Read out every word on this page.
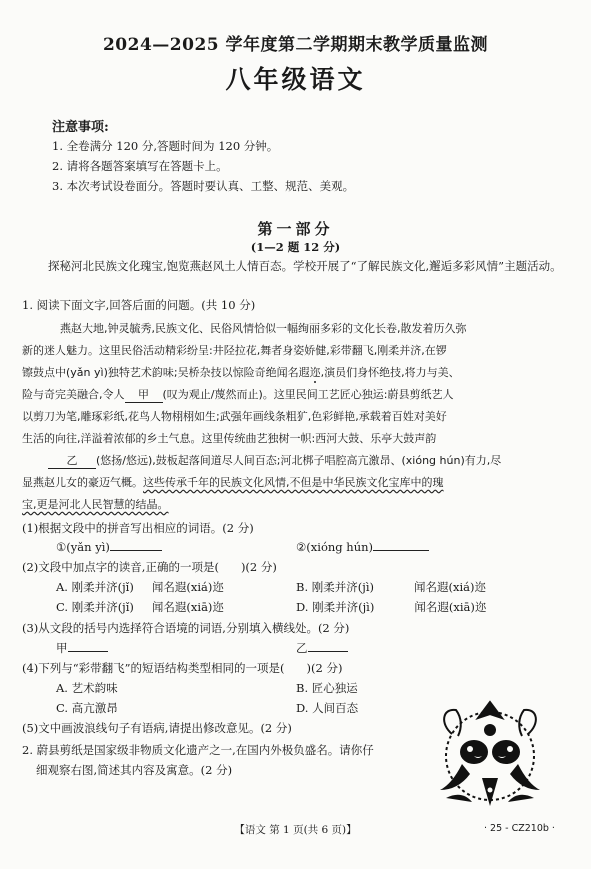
2024—2025 学年度第二学期期末教学质量监测
八年级语文
注意事项:
1. 全卷满分 120 分,答题时间为 120 分钟。
2. 请将各题答案填写在答题卡上。
3. 本次考试设卷面分。答题时要认真、工整、规范、美观。
第一部分
(1—2 题 12 分)
探秘河北民族文化瑰宝,饱览燕赵风土人情百态。学校开展了“了解民族文化,邂逅多彩风情”主题活动。
1. 阅读下面文字,回答后面的问题。(共 10 分)
燕赵大地,钟灵毓秀,民族文化、民俗风情恰似一幅绚丽多彩的文化长卷,散发着历久弥
新的迷人魅力。这里民俗活动精彩纷呈:井陉拉花,舞者身姿娇健,彩带翻飞,刚柔并济,在锣
镲鼓点中(yǎn yì)独特艺术韵味;吴桥杂技以惊险奇绝闻名遐迩,演员们身怀绝技,将力与美、
险与奇完美融合,令人 甲 (叹为观止/蔑然而止)。这里民间工艺匠心独运:蔚县剪纸艺人
以剪刀为笔,雕琢彩纸,花鸟人物栩栩如生;武强年画线条粗犷,色彩鲜艳,承载着百姓对美好
生活的向往,洋溢着浓郁的乡土气息。这里传统曲艺独树一帜:西河大鼓、乐亭大鼓声韵
乙 (悠扬/悠远),鼓板起落间道尽人间百态;河北梆子唱腔高亢激昂、(xióng hún)有力,尽
显燕赵儿女的豪迈气概。这些传承千年的民族文化风情,不但是中华民族文化宝库中的瑰
宝,更是河北人民智慧的结晶。
(1)根据文段中的拼音写出相应的词语。(2 分)
①(yǎn yì)	②(xióng hún)
(2)文段中加点字的读音,正确的一项是( )(2 分)
A. 刚柔并济(jǐ) 闻名遐(xiá)迩	B. 刚柔并济(jì)	闻名遐(xiá)迩
C. 刚柔并济(jǐ) 闻名遐(xiā)迩	D. 刚柔并济(jì)	闻名遐(xiā)迩
(3)从文段的括号内选择符合语境的词语,分别填入横线处。(2 分)
甲	乙
(4)下列与“彩带翻飞”的短语结构类型相同的一项是( )(2 分)
A. 艺术韵味	B. 匠心独运
C. 高亢激昂	D. 人间百态
(5)文中画波浪线句子有语病,请提出修改意见。(2 分)
2. 蔚县剪纸是国家级非物质文化遗产之一,在国内外极负盛名。请你仔
细观察右图,简述其内容及寓意。(2 分)
【语文 第 1 页(共 6 页)】	· 25 - CZ210b ·
